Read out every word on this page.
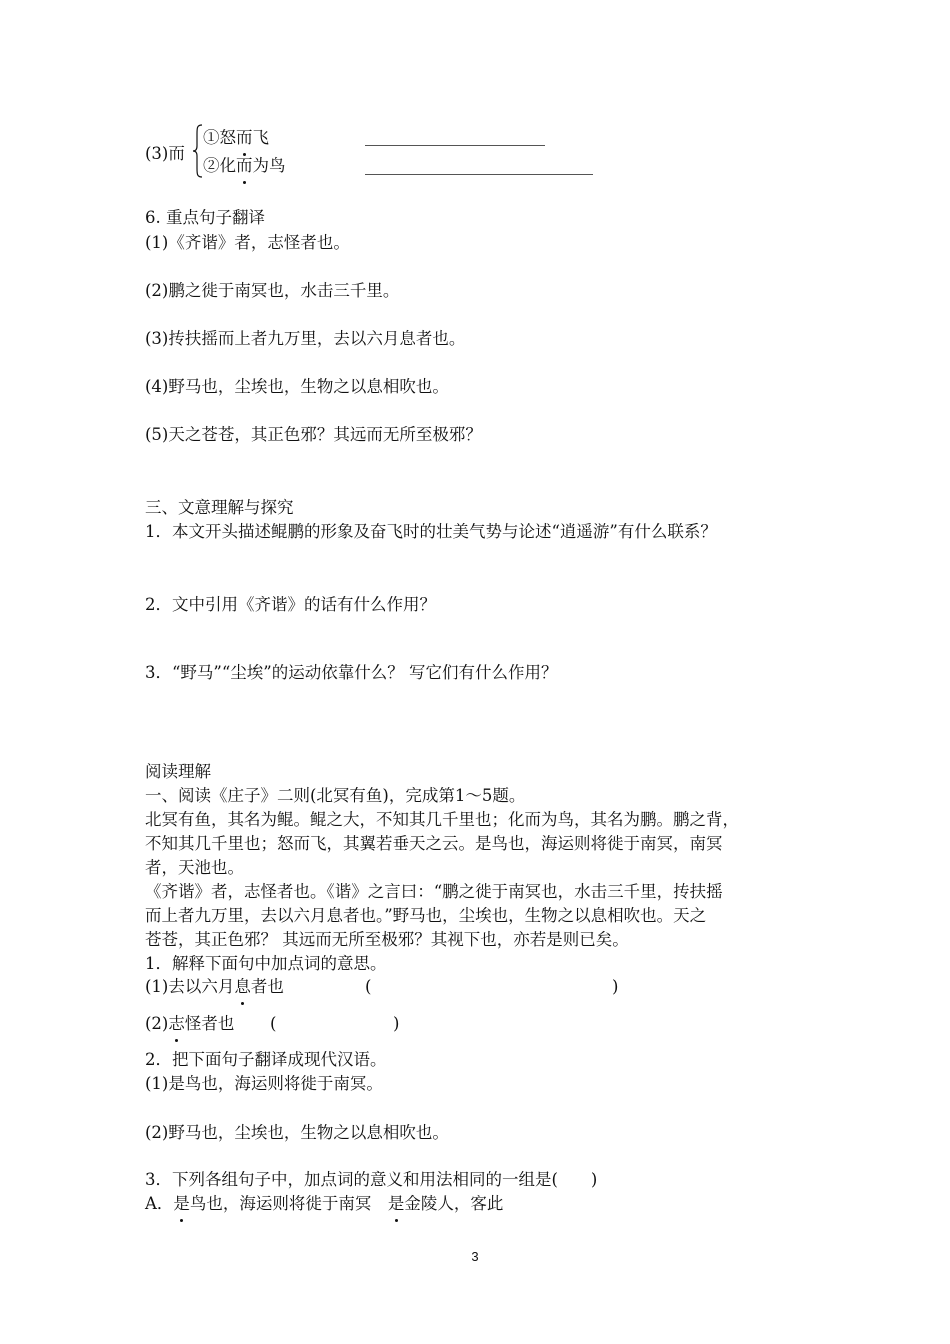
(3)而
①怒而飞
②化而为鸟
6. 重点句子翻译
(1)《齐谐》者，志怪者也。
(2)鹏之徙于南冥也，水击三千里。
(3)抟扶摇而上者九万里，去以六月息者也。
(4)野马也，尘埃也，生物之以息相吹也。
(5)天之苍苍，其正色邪？其远而无所至极邪？
三、文意理解与探究
1．本文开头描述鲲鹏的形象及奋飞时的壮美气势与论述“逍遥游”有什么联系？
2．文中引用《齐谐》的话有什么作用？
3．“野马”“尘埃”的运动依靠什么？ 写它们有什么作用？
阅读理解
一、阅读《庄子》二则(北冥有鱼)，完成第1～5题。
北冥有鱼，其名为鲲。鲲之大，不知其几千里也；化而为鸟，其名为鹏。鹏之背，
不知其几千里也；怒而飞，其翼若垂天之云。是鸟也，海运则将徙于南冥，南冥
者，天池也。
《齐谐》者，志怪者也。《谐》之言曰：“鹏之徙于南冥也，水击三千里，抟扶摇
而上者九万里，去以六月息者也。”野马也，尘埃也，生物之以息相吹也。天之
苍苍，其正色邪？ 其远而无所至极邪？其视下也，亦若是则已矣。
1．解释下面句中加点词的意思。
(1)去以六月息者也	(	)
(2)志怪者也 (	)
2．把下面句子翻译成现代汉语。
(1)是鸟也，海运则将徙于南冥。
(2)野马也，尘埃也，生物之以息相吹也。
3．下列各组句子中，加点词的意义和用法相同的一组是(　　)
A．是鸟也，海运则将徙于南冥　是金陵人，客此
3
